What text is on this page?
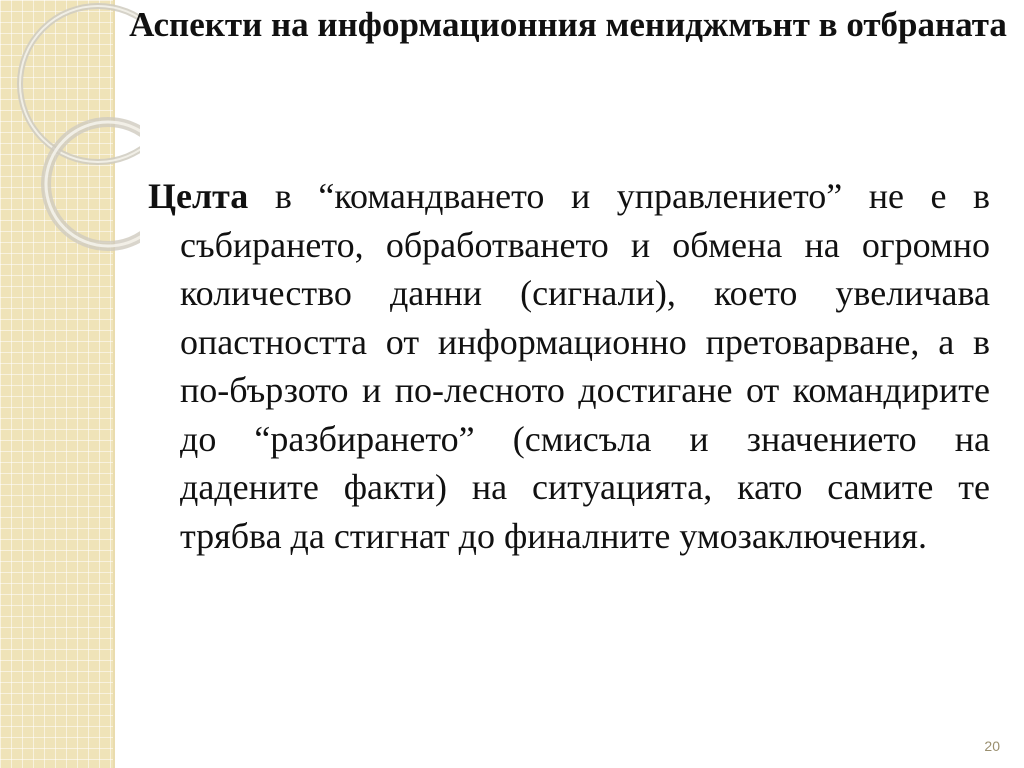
Аспекти на информационния мениджмънт в отбраната

Целта в “командването и управлението” не е в събирането, обработването и обмена на огромно количество данни (сигнали), което увеличава опастността от информационно претоварване, а в по-бързото и по-лесното достигане от командирите до “разбирането” (смисъла и значението на дадените факти) на ситуацията, като самите те трябва да стигнат до финалните умозаключения.

20
